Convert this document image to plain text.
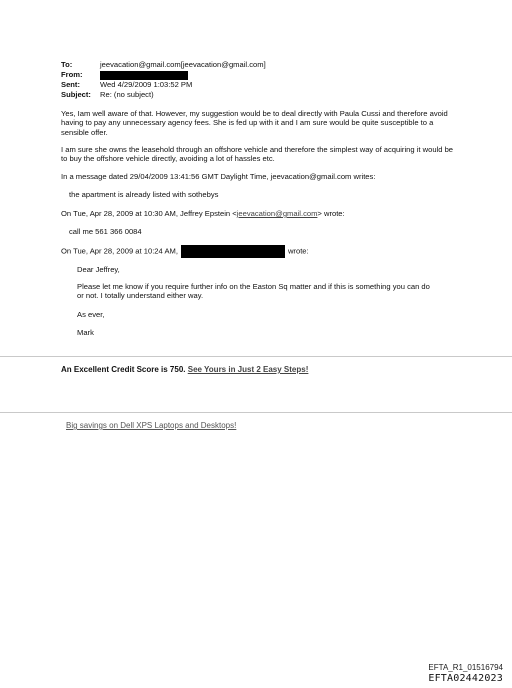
To:	jeevacation@gmail.com[jeevacation@gmail.com]
From:
Sent:	Wed 4/29/2009 1:03:52 PM
Subject: Re: (no subject)

Yes, Iam well aware of that. However, my suggestion would be to deal directly with Paula Cussi and therefore avoid having to pay any unnecessary agency fees. She is fed up with it and I am sure would be quite susceptible to a sensible offer.

I am sure she owns the leasehold through an offshore vehicle and therefore the simplest way of acquiring it would be to buy the offshore vehicle directly, avoiding a lot of hassles etc.

In a message dated 29/04/2009 13:41:56 GMT Daylight Time, jeevacation@gmail.com writes:

the apartment is already listed with sothebys

On Tue, Apr 28, 2009 at 10:30 AM, Jeffrey Epstein <jeevacation@gmail.com> wrote:

call me 561 366 0084

On Tue, Apr 28, 2009 at 10:24 AM,	wrote:

Dear Jeffrey,

Please let me know if you require further info on the Easton Sq matter and if this is something you can do or not. I totally understand either way.

As ever,

Mark

An Excellent Credit Score is 750. See Yours in Just 2 Easy Steps!
Big savings on Dell XPS Laptops and Desktops!
EFTA_R1_01516794
EFTA02442023
